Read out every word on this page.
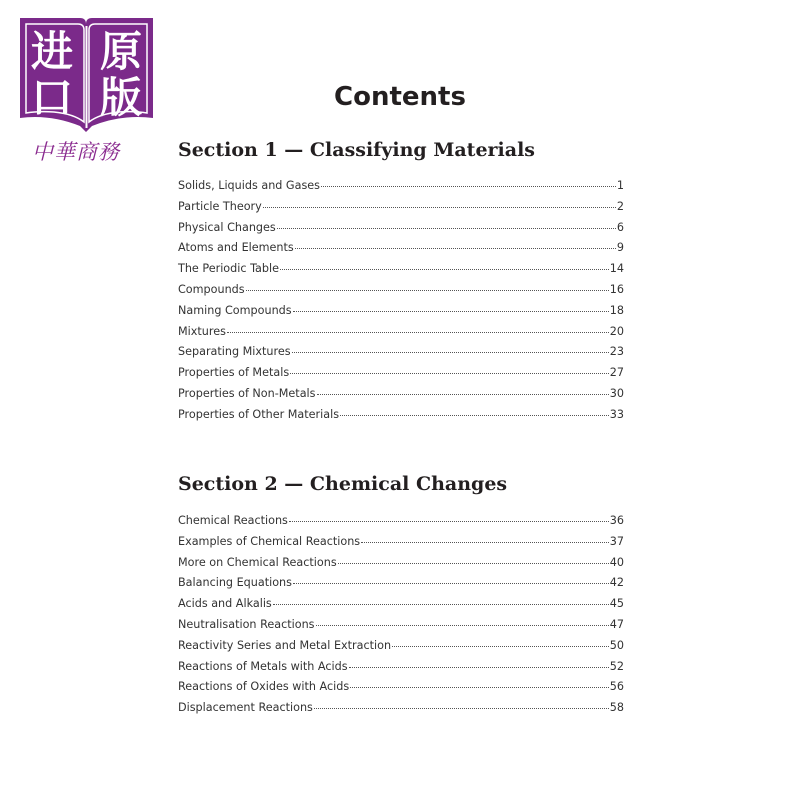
进 原
口 版
中華商務
Contents
Section 1 — Classifying Materials
Solids, Liquids and Gases	1
Particle Theory	2
Physical Changes	6
Atoms and Elements	9
The Periodic Table	14
Compounds	16
Naming Compounds	18
Mixtures	20
Separating Mixtures	23
Properties of Metals	27
Properties of Non-Metals	30
Properties of Other Materials	33
Section 2 — Chemical Changes
Chemical Reactions	36
Examples of Chemical Reactions	37
More on Chemical Reactions	40
Balancing Equations	42
Acids and Alkalis	45
Neutralisation Reactions	47
Reactivity Series and Metal Extraction	50
Reactions of Metals with Acids	52
Reactions of Oxides with Acids	56
Displacement Reactions	58
